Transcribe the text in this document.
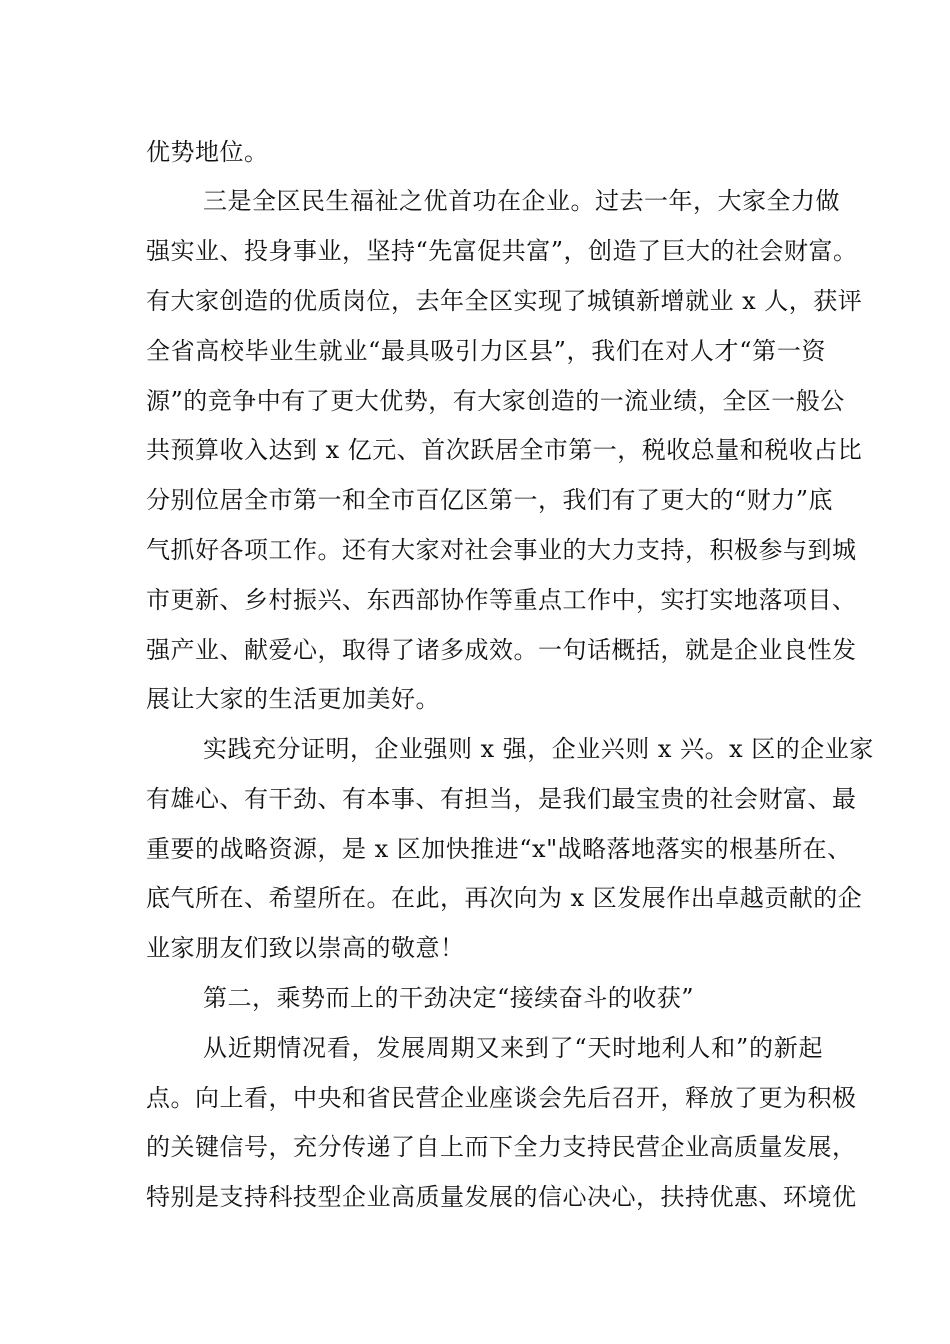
优势地位。
三是全区民生福祉之优首功在企业。过去一年，大家全力做
强实业、投身事业，坚持“先富促共富”，创造了巨大的社会财富。
有大家创造的优质岗位，去年全区实现了城镇新增就业 x 人，获评
全省高校毕业生就业“最具吸引力区县”，我们在对人才“第一资
源”的竞争中有了更大优势，有大家创造的一流业绩，全区一般公
共预算收入达到 x 亿元、首次跃居全市第一，税收总量和税收占比
分别位居全市第一和全市百亿区第一，我们有了更大的“财力”底
气抓好各项工作。还有大家对社会事业的大力支持，积极参与到城
市更新、乡村振兴、东西部协作等重点工作中，实打实地落项目、
强产业、献爱心，取得了诸多成效。一句话概括，就是企业良性发
展让大家的生活更加美好。
实践充分证明，企业强则 x 强，企业兴则 x 兴。x 区的企业家
有雄心、有干劲、有本事、有担当，是我们最宝贵的社会财富、最
重要的战略资源，是 x 区加快推进“x"战略落地落实的根基所在、
底气所在、希望所在。在此，再次向为 x 区发展作出卓越贡献的企
业家朋友们致以崇高的敬意！
第二，乘势而上的干劲决定“接续奋斗的收获”
从近期情况看，发展周期又来到了“天时地利人和”的新起
点。向上看，中央和省民营企业座谈会先后召开，释放了更为积极
的关键信号，充分传递了自上而下全力支持民营企业高质量发展，
特别是支持科技型企业高质量发展的信心决心，扶持优惠、环境优
